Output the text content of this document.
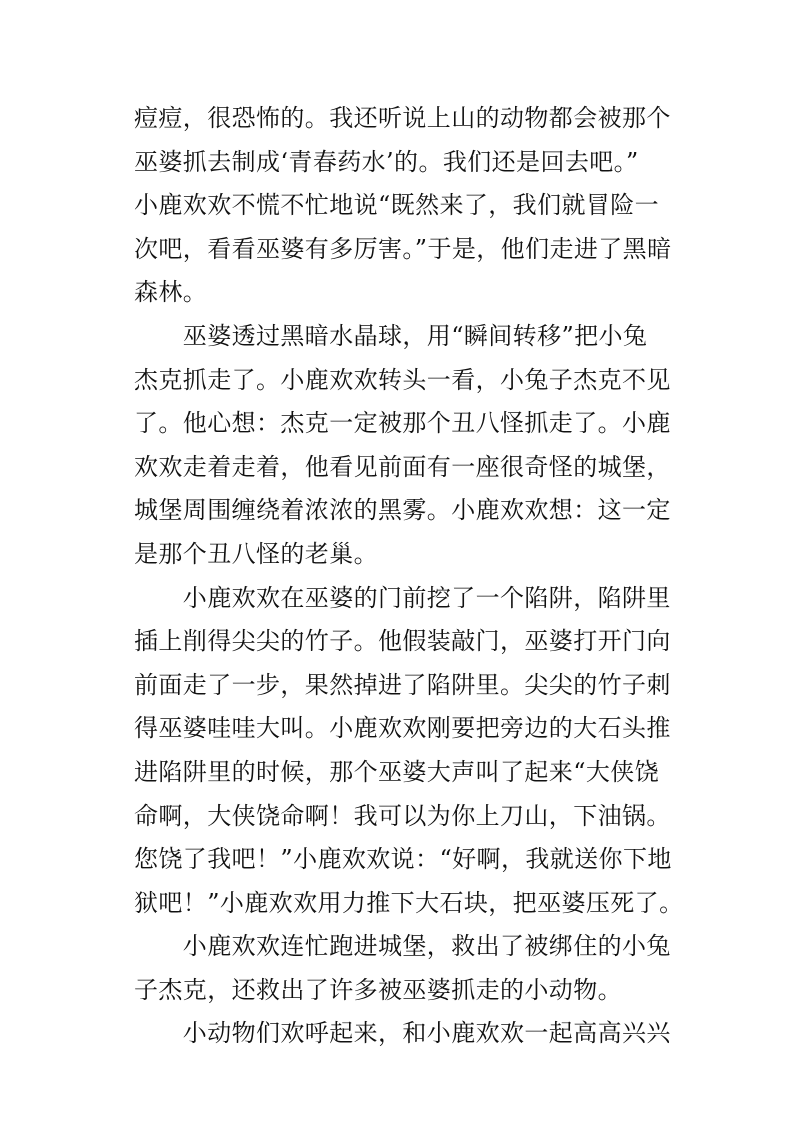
痘痘，很恐怖的。我还听说上山的动物都会被那个
巫婆抓去制成‘青春药水’的。我们还是回去吧。”
小鹿欢欢不慌不忙地说“既然来了，我们就冒险一
次吧，看看巫婆有多厉害。”于是，他们走进了黑暗
森林。
　　巫婆透过黑暗水晶球，用“瞬间转移”把小兔
杰克抓走了。小鹿欢欢转头一看，小兔子杰克不见
了。他心想：杰克一定被那个丑八怪抓走了。小鹿
欢欢走着走着，他看见前面有一座很奇怪的城堡，
城堡周围缠绕着浓浓的黑雾。小鹿欢欢想：这一定
是那个丑八怪的老巢。
　　小鹿欢欢在巫婆的门前挖了一个陷阱，陷阱里
插上削得尖尖的竹子。他假装敲门，巫婆打开门向
前面走了一步，果然掉进了陷阱里。尖尖的竹子刺
得巫婆哇哇大叫。小鹿欢欢刚要把旁边的大石头推
进陷阱里的时候，那个巫婆大声叫了起来“大侠饶
命啊，大侠饶命啊！我可以为你上刀山，下油锅。
您饶了我吧！”小鹿欢欢说：“好啊，我就送你下地
狱吧！”小鹿欢欢用力推下大石块，把巫婆压死了。
　　小鹿欢欢连忙跑进城堡，救出了被绑住的小兔
子杰克，还救出了许多被巫婆抓走的小动物。
　　小动物们欢呼起来，和小鹿欢欢一起高高兴兴
